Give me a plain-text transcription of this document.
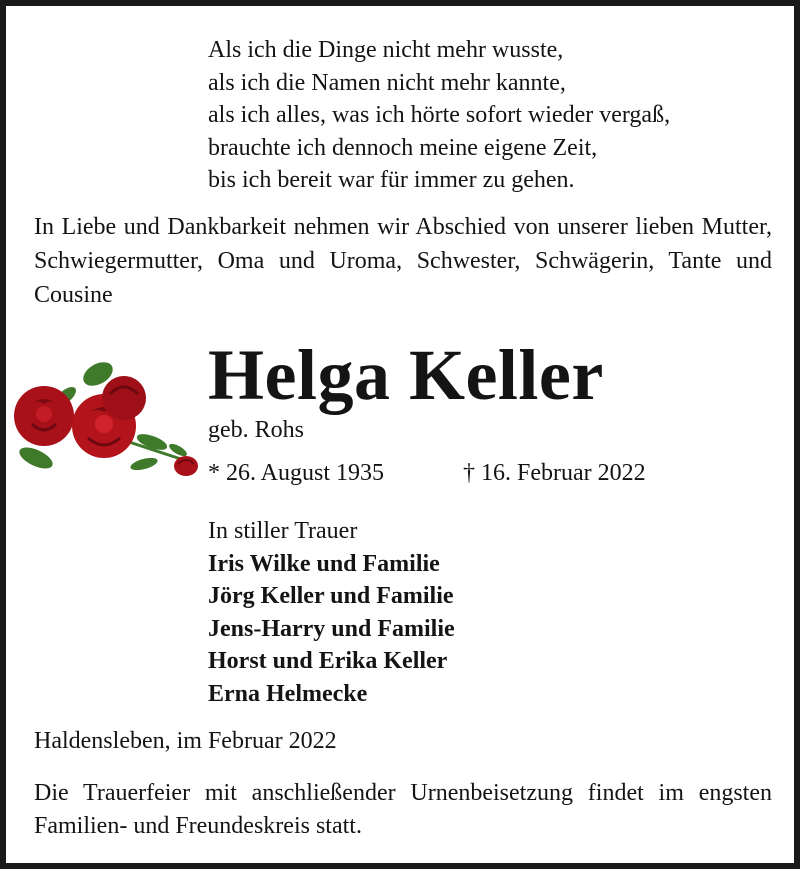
Als ich die Dinge nicht mehr wusste,
als ich die Namen nicht mehr kannte,
als ich alles, was ich hörte sofort wieder vergaß,
brauchte ich dennoch meine eigene Zeit,
bis ich bereit war für immer zu gehen.
In Liebe und Dankbarkeit nehmen wir Abschied von unserer lieben Mutter, Schwiegermutter, Oma und Uroma, Schwester, Schwägerin, Tante und Cousine
Helga Keller
geb. Rohs
* 26. August 1935	† 16. Februar 2022
In stiller Trauer
Iris Wilke und Familie
Jörg Keller und Familie
Jens-Harry und Familie
Horst und Erika Keller
Erna Helmecke
Haldensleben, im Februar 2022
Die Trauerfeier mit anschließender Urnenbeisetzung findet im engsten Familien- und Freundeskreis statt.
